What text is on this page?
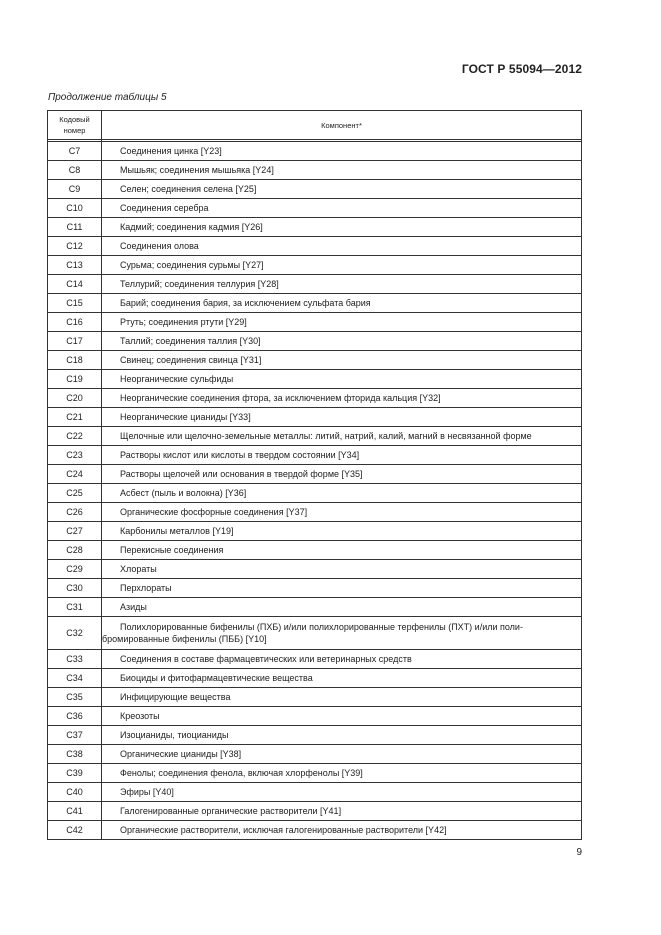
ГОСТ Р 55094—2012
Продолжение таблицы 5
Кодовый
номер	Компонент*

C7	Соединения цинка [Y23]
C8	Мышьяк; соединения мышьяка [Y24]
C9	Селен; соединения селена [Y25]
C10	Соединения серебра
C11	Кадмий; соединения кадмия [Y26]
C12	Соединения олова
C13	Сурьма; соединения сурьмы [Y27]
C14	Теллурий; соединения теллурия [Y28]
C15	Барий; соединения бария, за исключением сульфата бария
C16	Ртуть; соединения ртути [Y29]
C17	Таллий; соединения таллия [Y30]
C18	Свинец; соединения свинца [Y31]
C19	Неорганические сульфиды
C20	Неорганические соединения фтора, за исключением фторида кальция [Y32]
C21	Неорганические цианиды [Y33]
C22	Щелочные или щелочно-земельные металлы: литий, натрий, калий, магний в несвязанной форме
C23	Растворы кислот или кислоты в твердом состоянии [Y34]
C24	Растворы щелочей или основания в твердой форме [Y35]
C25	Асбест (пыль и волокна) [Y36]
C26	Органические фосфорные соединения [Y37]
C27	Карбонилы металлов [Y19]
C28	Перекисные соединения
C29	Хлораты
C30	Перхлораты
C31	Азиды
C32	Полихлорированные бифенилы (ПХБ) и/или полихлорированные терфенилы (ПХТ) и/или поли-
бромированные бифенилы (ПББ) [Y10]
C33	Соединения в составе фармацевтических или ветеринарных средств
C34	Биоциды и фитофармацевтические вещества
C35	Инфицирующие вещества
C36	Креозоты
C37	Изоцианиды, тиоцианиды
C38	Органические цианиды [Y38]
C39	Фенолы; соединения фенола, включая хлорфенолы [Y39]
C40	Эфиры [Y40]
C41	Галогенированные органические растворители [Y41]
C42	Органические растворители, исключая галогенированные растворители [Y42]
9
